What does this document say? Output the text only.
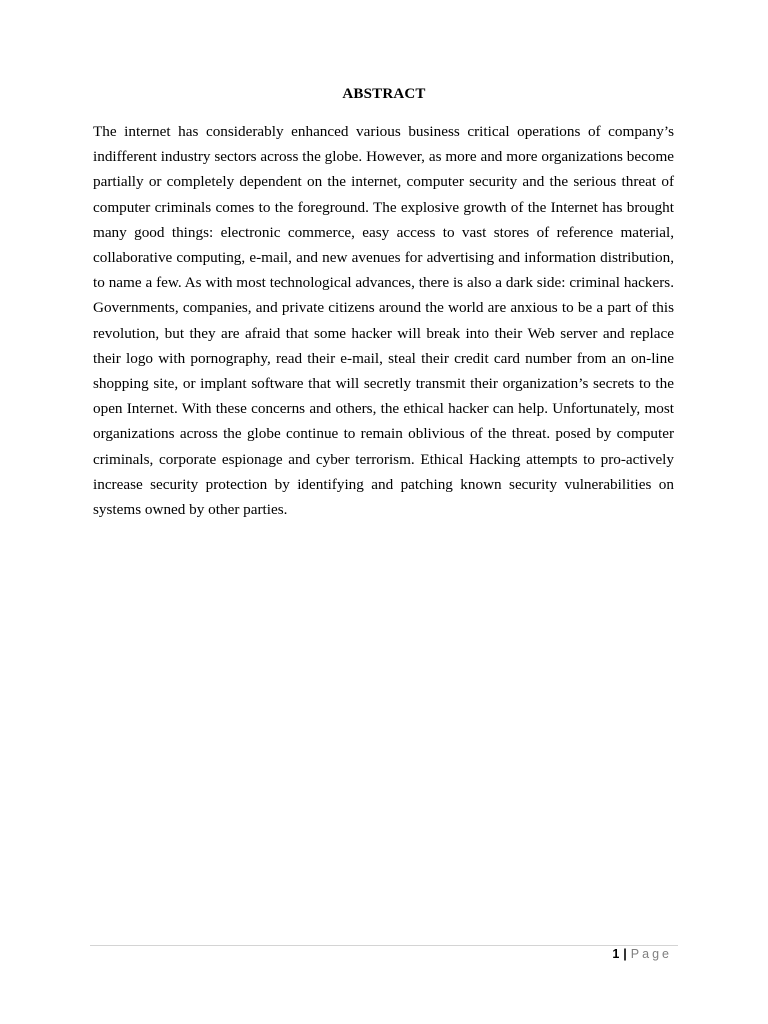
ABSTRACT

The internet has considerably enhanced various business critical operations of company’s indifferent industry sectors across the globe. However, as more and more organizations become partially or completely dependent on the internet, computer security and the serious threat of computer criminals comes to the foreground. The explosive growth of the Internet has brought many good things: electronic commerce, easy access to vast stores of reference material, collaborative computing, e-mail, and new avenues for advertising and information distribution, to name a few. As with most technological advances, there is also a dark side: criminal hackers. Governments, companies, and private citizens around the world are anxious to be a part of this revolution, but they are afraid that some hacker will break into their Web server and replace their logo with pornography, read their e-mail, steal their credit card number from an on-line shopping site, or implant software that will secretly transmit their organization’s secrets to the open Internet. With these concerns and others, the ethical hacker can help. Unfortunately, most organizations across the globe continue to remain oblivious of the threat. posed by computer criminals, corporate espionage and cyber terrorism. Ethical Hacking attempts to pro-actively increase security protection by identifying and patching known security vulnerabilities on systems owned by other parties.

1 | Page
